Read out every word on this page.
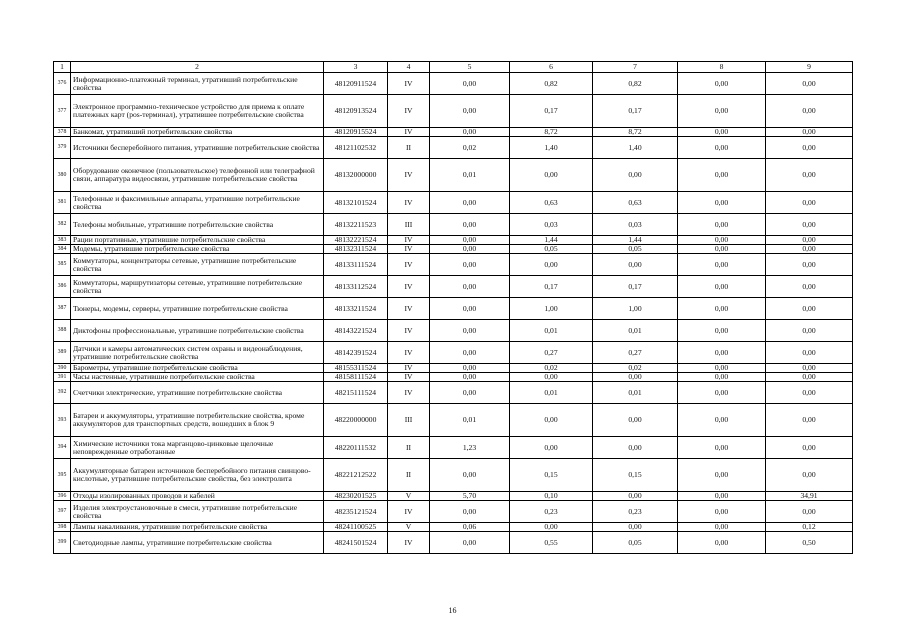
1	2	3	4	5	6	7	8	9
376	Информационно-платежный терминал, утративший потребительские свойства	48120911524	IV	0,00	0,82	0,82	0,00	0,00
377	Электронное программно-техническое устройство для приема к оплате платежных карт (pos-терминал), утратившее потребительские свойства	48120913524	IV	0,00	0,17	0,17	0,00	0,00
378	Банкомат, утративший потребительские свойства	48120915524	IV	0,00	8,72	8,72	0,00	0,00
379	Источники бесперебойного питания, утратившие потребительские свойства	48121102532	II	0,02	1,40	1,40	0,00	0,00
380	Оборудование оконечное (пользовательское) телефонной или телеграфной связи, аппаратура видеосвязи, утратившие потребительские свойства	48132000000	IV	0,01	0,00	0,00	0,00	0,00
381	Телефонные и факсимильные аппараты, утратившие потребительские свойства	48132101524	IV	0,00	0,63	0,63	0,00	0,00
382	Телефоны мобильные, утратившие потребительские свойства	48132211523	III	0,00	0,03	0,03	0,00	0,00
383	Рации портативные, утратившие потребительские свойства	48132221524	IV	0,00	1,44	1,44	0,00	0,00
384	Модемы, утратившие потребительские свойства	48132311524	IV	0,00	0,05	0,05	0,00	0,00
385	Коммутаторы, концентраторы сетевые, утратившие потребительские свойства	48133111524	IV	0,00	0,00	0,00	0,00	0,00
386	Коммутаторы, маршрутизаторы сетевые, утратившие потребительские свойства	48133112524	IV	0,00	0,17	0,17	0,00	0,00
387	Тюнеры, модемы, серверы, утратившие потребительские свойства	48133211524	IV	0,00	1,00	1,00	0,00	0,00
388	Диктофоны профессиональные, утратившие потребительские свойства	48143221524	IV	0,00	0,01	0,01	0,00	0,00
389	Датчики и камеры автоматических систем охраны и видеонаблюдения, утратившие потребительские свойства	48142391524	IV	0,00	0,27	0,27	0,00	0,00
390	Барометры, утратившие потребительские свойства	48155311524	IV	0,00	0,02	0,02	0,00	0,00
391	Часы настенные, утратившие потребительские свойства	48158111524	IV	0,00	0,00	0,00	0,00	0,00
392	Счетчики электрические, утратившие потребительские свойства	48215111524	IV	0,00	0,01	0,01	0,00	0,00
393	Батареи и аккумуляторы, утратившие потребительские свойства, кроме аккумуляторов для транспортных средств, вошедших в блок 9	48220000000	III	0,01	0,00	0,00	0,00	0,00
394	Химические источники тока марганцово-цинковые щелочные неповрежденные отработанные	48220111532	II	1,23	0,00	0,00	0,00	0,00
395	Аккумуляторные батареи источников бесперебойного питания свинцово-кислотные, утратившие потребительские свойства, без электролита	48221212522	II	0,00	0,15	0,15	0,00	0,00
396	Отходы изолированных проводов и кабелей	48230201525	V	5,70	0,10	0,00	0,00	34,91
397	Изделия электроустановочные в смеси, утратившие потребительские свойства	48235121524	IV	0,00	0,23	0,23	0,00	0,00
398	Лампы накаливания, утратившие потребительские свойства	48241100525	V	0,06	0,00	0,00	0,00	0,12
399	Светодиодные лампы, утратившие потребительские свойства	48241501524	IV	0,00	0,55	0,05	0,00	0,50
16
